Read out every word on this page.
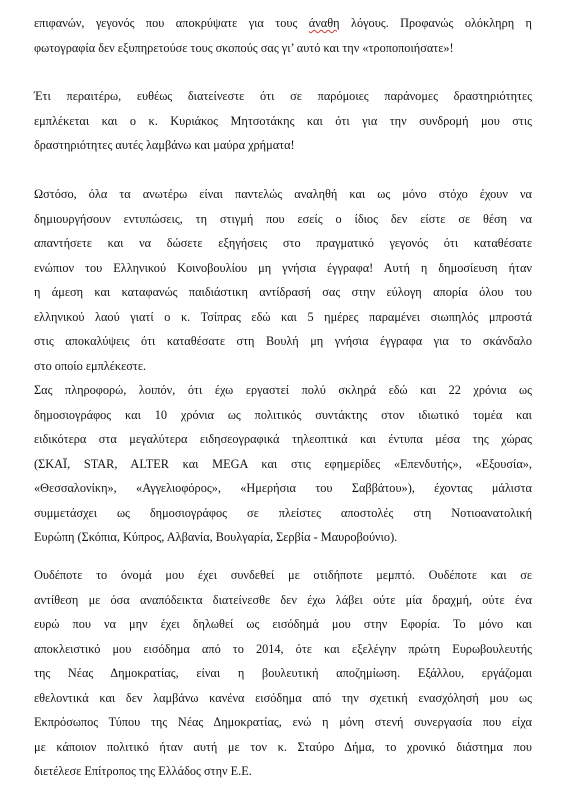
επιφανών, γεγονός που αποκρύψατε για τους άναθη λόγους. Προφανώς ολόκληρη η
φωτογραφία δεν εξυπηρετούσε τους σκοπούς σας γι’ αυτό και την «τροποποιήσατε»!
Έτι περαιτέρω, ευθέως διατείνεστε ότι σε παρόμοιες παράνομες δραστηριότητες
εμπλέκεται και ο κ. Κυριάκος Μητσοτάκης και ότι για την συνδρομή μου στις
δραστηριότητες αυτές λαμβάνω και μαύρα χρήματα!
Ωστόσο, όλα τα ανωτέρω είναι παντελώς αναληθή και ως μόνο στόχο έχουν να
δημιουργήσουν εντυπώσεις, τη στιγμή που εσείς ο ίδιος δεν είστε σε θέση να
απαντήσετε και να δώσετε εξηγήσεις στο πραγματικό γεγονός ότι καταθέσατε
ενώπιον του Ελληνικού Κοινοβουλίου μη γνήσια έγγραφα! Αυτή η δημοσίευση ήταν
η άμεση και καταφανώς παιδιάστικη αντίδρασή σας στην εύλογη απορία όλου του
ελληνικού λαού γιατί ο κ. Τσίπρας εδώ και 5 ημέρες παραμένει σιωπηλός μπροστά
στις αποκαλύψεις ότι καταθέσατε στη Βουλή μη γνήσια έγγραφα για το σκάνδαλο
στο οποίο εμπλέκεστε.
Σας πληροφορώ, λοιπόν, ότι έχω εργαστεί πολύ σκληρά εδώ και 22 χρόνια ως
δημοσιογράφος και 10 χρόνια ως πολιτικός συντάκτης στον ιδιωτικό τομέα και
ειδικότερα στα μεγαλύτερα ειδησεογραφικά τηλεοπτικά και έντυπα μέσα της χώρας
(ΣΚΑΪ, STAR, ALTER και MEGA και στις εφημερίδες «Επενδυτής», «Εξουσία»,
«Θεσσαλονίκη», «Αγγελιοφόρος», «Ημερήσια του Σαββάτου»), έχοντας μάλιστα
συμμετάσχει ως δημοσιογράφος σε πλείστες αποστολές στη Νοτιοανατολική
Ευρώπη (Σκόπια, Κύπρος, Αλβανία, Βουλγαρία, Σερβία - Μαυροβούνιο).
Ουδέποτε το όνομά μου έχει συνδεθεί με οτιδήποτε μεμπτό. Ουδέποτε και σε
αντίθεση με όσα αναπόδεικτα διατείνεσθε δεν έχω λάβει ούτε μία δραχμή, ούτε ένα
ευρώ που να μην έχει δηλωθεί ως εισόδημά μου στην Εφορία. Το μόνο και
αποκλειστικό μου εισόδημα από το 2014, ότε και εξελέγην πρώτη Ευρωβουλευτής
της Νέας Δημοκρατίας, είναι η βουλευτική αποζημίωση. Εξάλλου, εργάζομαι
εθελοντικά και δεν λαμβάνω κανένα εισόδημα από την σχετική ενασχόλησή μου ως
Εκπρόσωπος Τύπου της Νέας Δημοκρατίας, ενώ η μόνη στενή συνεργασία που είχα
με κάποιον πολιτικό ήταν αυτή με τον κ. Σταύρο Δήμα, το χρονικό διάστημα που
διετέλεσε Επίτροπος της Ελλάδος στην Ε.Ε.
